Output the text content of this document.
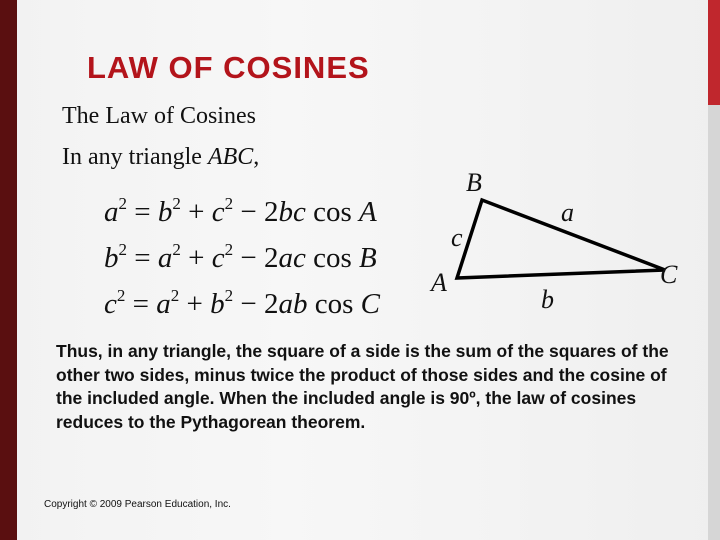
LAW OF COSINES
The Law of Cosines
In any triangle ABC,
$a^2 = b^2 + c^2 - 2bc$ cos A
$b^2 = a^2 + c^2 - 2ac$ cos B
$c^2 = a^2 + b^2 - 2ab$ cos C
B
a
c
A
b
C
Thus, in any triangle, the square of a side is the sum of the squares of the other two sides, minus twice the product of those sides and the cosine of the included angle. When the included angle is 90º, the law of cosines reduces to the Pythagorean theorem.
Copyright © 2009 Pearson Education, Inc.
